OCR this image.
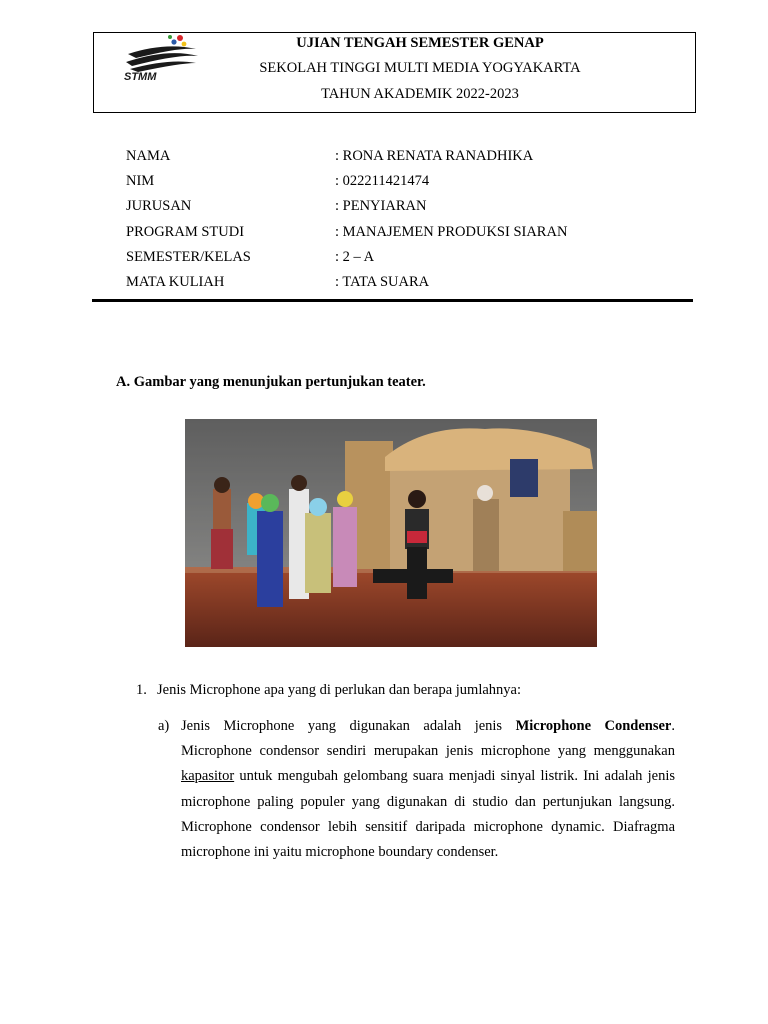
STMM
UJIAN TENGAH SEMESTER GENAP
SEKOLAH TINGGI MULTI MEDIA YOGYAKARTA
TAHUN AKADEMIK 2022-2023
NAMA	: RONA RENATA RANADHIKA
NIM	: 022211421474
JURUSAN	: PENYIARAN
PROGRAM STUDI	: MANAJEMEN PRODUKSI SIARAN
SEMESTER/KELAS	: 2 – A
MATA KULIAH	: TATA SUARA
A. Gambar yang menunjukan pertunjukan teater.
1. Jenis Microphone apa yang di perlukan dan berapa jumlahnya:
a) Jenis Microphone yang digunakan adalah jenis Microphone Condenser. Microphone condensor sendiri merupakan jenis microphone yang menggunakan kapasitor untuk mengubah gelombang suara menjadi sinyal listrik. Ini adalah jenis microphone paling populer yang digunakan di studio dan pertunjukan langsung. Microphone condensor lebih sensitif daripada microphone dynamic. Diafragma microphone ini yaitu microphone boundary condenser.
